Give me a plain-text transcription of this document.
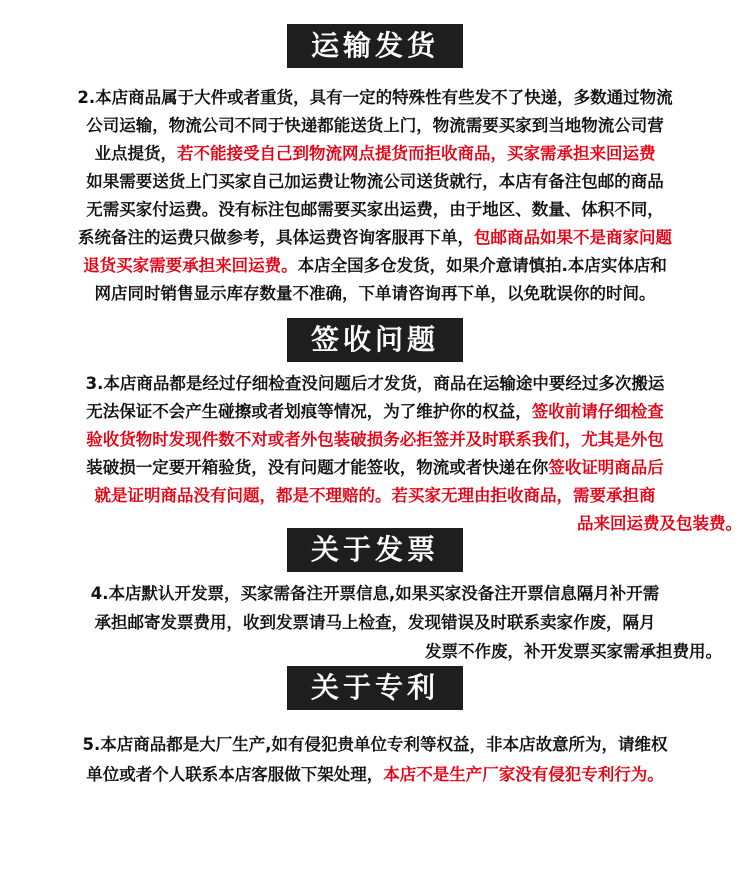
运输发货
2.本店商品属于大件或者重货，具有一定的特殊性有些发不了快递，多数通过物流
公司运输，物流公司不同于快递都能送货上门，物流需要买家到当地物流公司营
业点提货，若不能接受自己到物流网点提货而拒收商品，买家需承担来回运费
如果需要送货上门买家自己加运费让物流公司送货就行，本店有备注包邮的商品
无需买家付运费。没有标注包邮需要买家出运费，由于地区、数量、体积不同，
系统备注的运费只做参考，具体运费咨询客服再下单，包邮商品如果不是商家问题
退货买家需要承担来回运费。本店全国多仓发货，如果介意请慎拍.本店实体店和
网店同时销售显示库存数量不准确，下单请咨询再下单，以免耽误你的时间。
签收问题
3.本店商品都是经过仔细检查没问题后才发货，商品在运输途中要经过多次搬运
无法保证不会产生碰擦或者划痕等情况，为了维护你的权益，签收前请仔细检查
验收货物时发现件数不对或者外包装破损务必拒签并及时联系我们，尤其是外包
装破损一定要开箱验货，没有问题才能签收，物流或者快递在你签收证明商品后
就是证明商品没有问题，都是不理赔的。若买家无理由拒收商品，需要承担商
品来回运费及包装费。
关于发票
4.本店默认开发票，买家需备注开票信息,如果买家没备注开票信息隔月补开需
承担邮寄发票费用，收到发票请马上检查，发现错误及时联系卖家作废，隔月
发票不作废，补开发票买家需承担费用。
关于专利
5.本店商品都是大厂生产,如有侵犯贵单位专利等权益，非本店故意所为，请维权
单位或者个人联系本店客服做下架处理，本店不是生产厂家没有侵犯专利行为。
